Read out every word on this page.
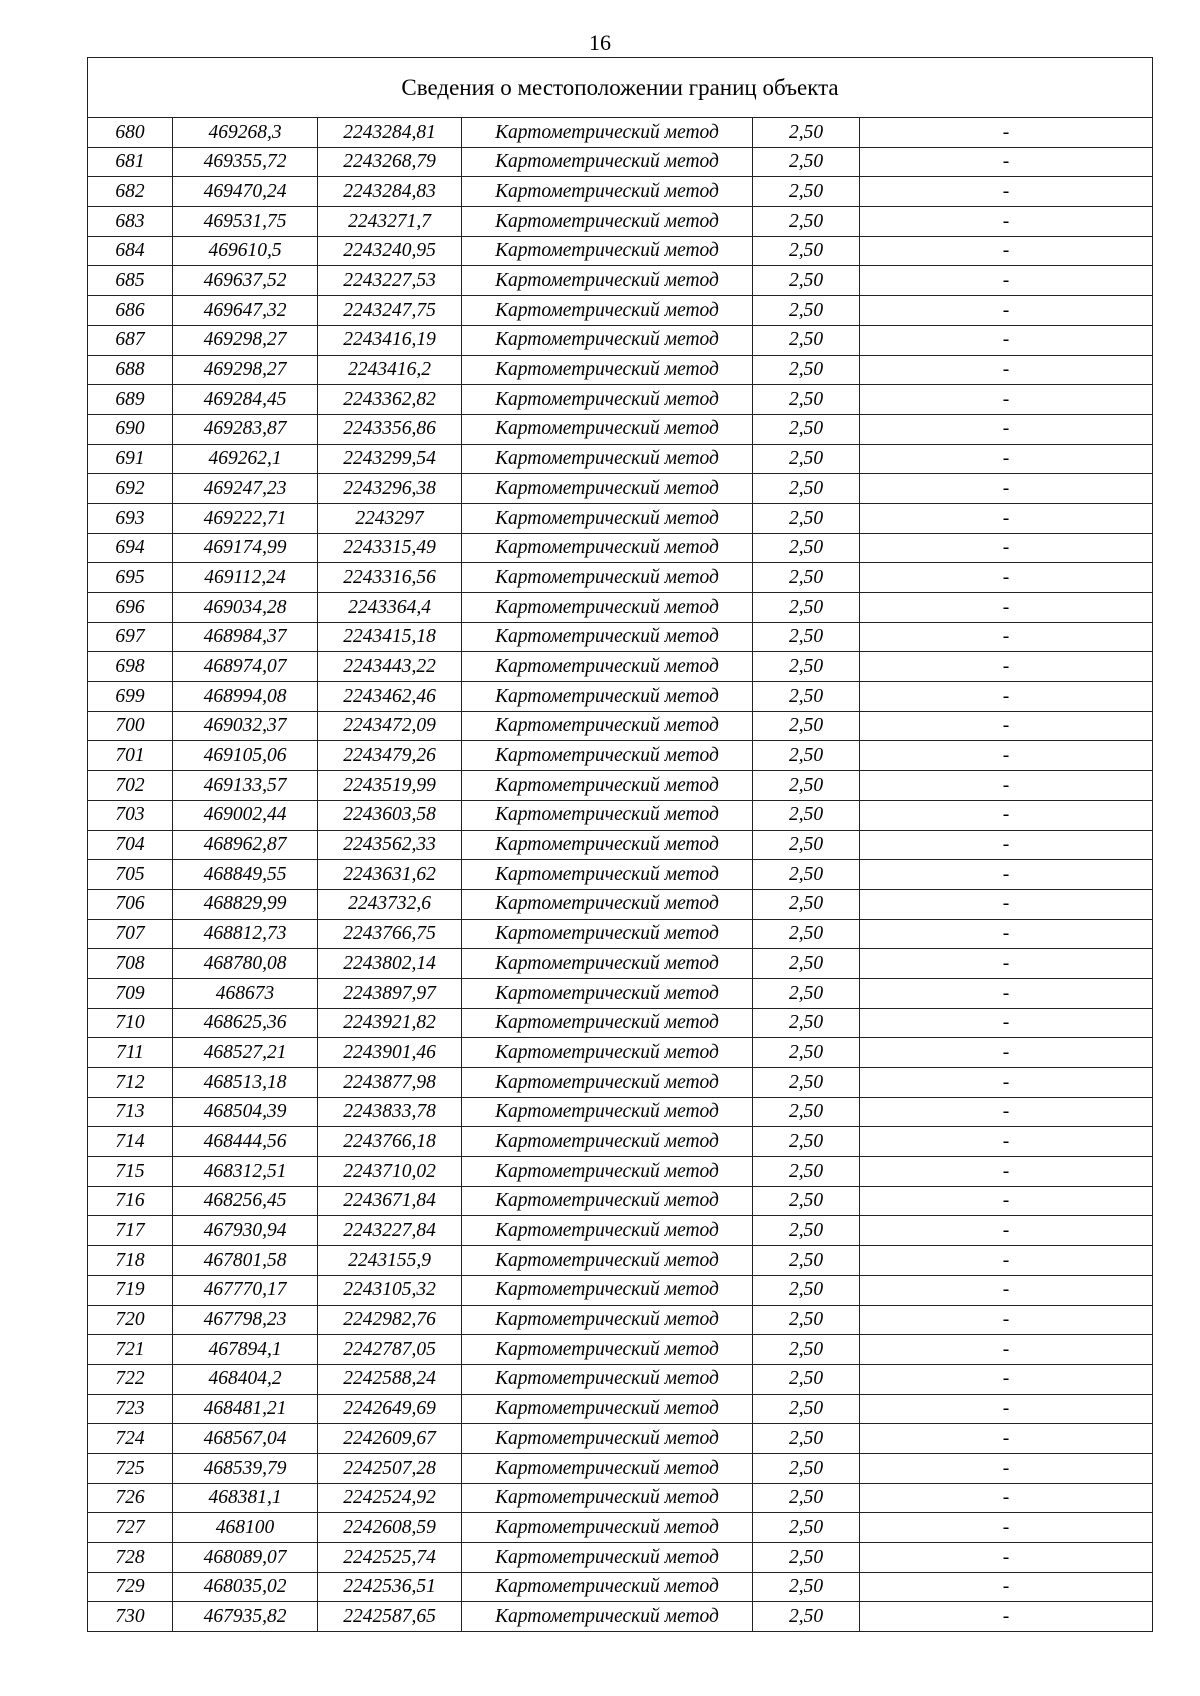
16
Сведения о местоположении границ объекта					
680	469268,3	2243284,81	Картометрический метод	2,50	-
681	469355,72	2243268,79	Картометрический метод	2,50	-
682	469470,24	2243284,83	Картометрический метод	2,50	-
683	469531,75	2243271,7	Картометрический метод	2,50	-
684	469610,5	2243240,95	Картометрический метод	2,50	-
685	469637,52	2243227,53	Картометрический метод	2,50	-
686	469647,32	2243247,75	Картометрический метод	2,50	-
687	469298,27	2243416,19	Картометрический метод	2,50	-
688	469298,27	2243416,2	Картометрический метод	2,50	-
689	469284,45	2243362,82	Картометрический метод	2,50	-
690	469283,87	2243356,86	Картометрический метод	2,50	-
691	469262,1	2243299,54	Картометрический метод	2,50	-
692	469247,23	2243296,38	Картометрический метод	2,50	-
693	469222,71	2243297	Картометрический метод	2,50	-
694	469174,99	2243315,49	Картометрический метод	2,50	-
695	469112,24	2243316,56	Картометрический метод	2,50	-
696	469034,28	2243364,4	Картометрический метод	2,50	-
697	468984,37	2243415,18	Картометрический метод	2,50	-
698	468974,07	2243443,22	Картометрический метод	2,50	-
699	468994,08	2243462,46	Картометрический метод	2,50	-
700	469032,37	2243472,09	Картометрический метод	2,50	-
701	469105,06	2243479,26	Картометрический метод	2,50	-
702	469133,57	2243519,99	Картометрический метод	2,50	-
703	469002,44	2243603,58	Картометрический метод	2,50	-
704	468962,87	2243562,33	Картометрический метод	2,50	-
705	468849,55	2243631,62	Картометрический метод	2,50	-
706	468829,99	2243732,6	Картометрический метод	2,50	-
707	468812,73	2243766,75	Картометрический метод	2,50	-
708	468780,08	2243802,14	Картометрический метод	2,50	-
709	468673	2243897,97	Картометрический метод	2,50	-
710	468625,36	2243921,82	Картометрический метод	2,50	-
711	468527,21	2243901,46	Картометрический метод	2,50	-
712	468513,18	2243877,98	Картометрический метод	2,50	-
713	468504,39	2243833,78	Картометрический метод	2,50	-
714	468444,56	2243766,18	Картометрический метод	2,50	-
715	468312,51	2243710,02	Картометрический метод	2,50	-
716	468256,45	2243671,84	Картометрический метод	2,50	-
717	467930,94	2243227,84	Картометрический метод	2,50	-
718	467801,58	2243155,9	Картометрический метод	2,50	-
719	467770,17	2243105,32	Картометрический метод	2,50	-
720	467798,23	2242982,76	Картометрический метод	2,50	-
721	467894,1	2242787,05	Картометрический метод	2,50	-
722	468404,2	2242588,24	Картометрический метод	2,50	-
723	468481,21	2242649,69	Картометрический метод	2,50	-
724	468567,04	2242609,67	Картометрический метод	2,50	-
725	468539,79	2242507,28	Картометрический метод	2,50	-
726	468381,1	2242524,92	Картометрический метод	2,50	-
727	468100	2242608,59	Картометрический метод	2,50	-
728	468089,07	2242525,74	Картометрический метод	2,50	-
729	468035,02	2242536,51	Картометрический метод	2,50	-
730	467935,82	2242587,65	Картометрический метод	2,50	-
